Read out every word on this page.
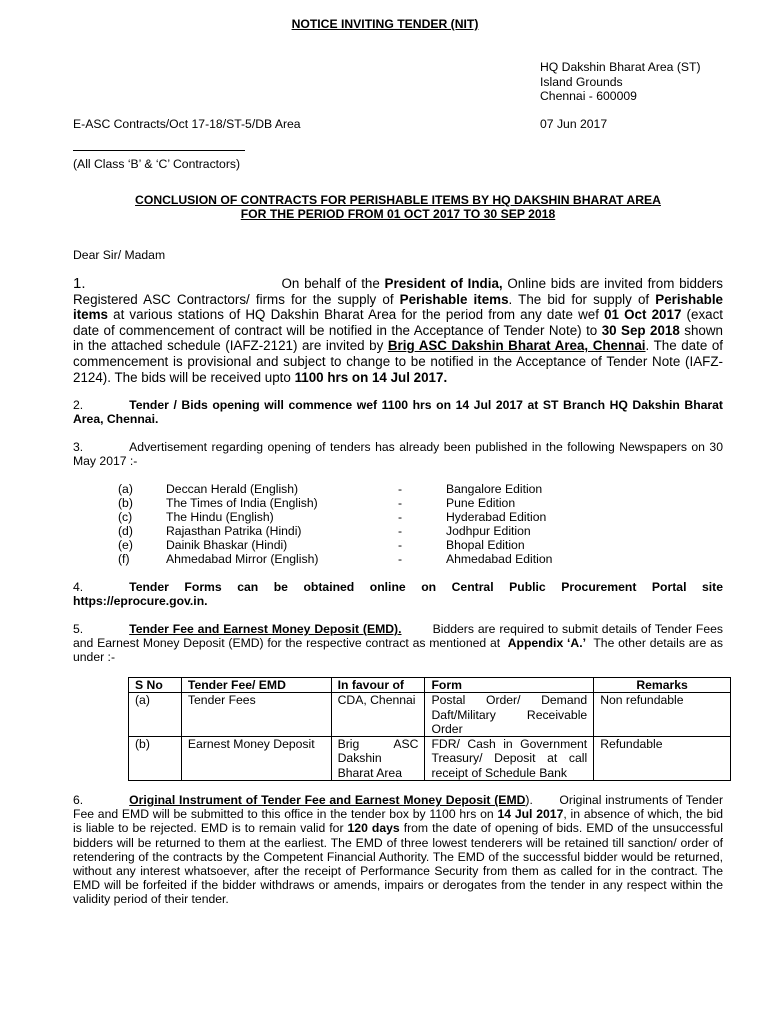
NOTICE INVITING TENDER (NIT)
HQ Dakshin Bharat Area (ST)
Island Grounds
Chennai - 600009
E-ASC Contracts/Oct 17-18/ST-5/DB Area	07 Jun 2017
(All Class ‘B’ & ‘C’ Contractors)
CONCLUSION OF CONTRACTS FOR PERISHABLE ITEMS BY HQ DAKSHIN BHARAT AREA
FOR THE PERIOD FROM 01 OCT 2017 TO 30 SEP 2018
Dear Sir/ Madam
1.	On behalf of the President of India, Online bids are invited from bidders Registered ASC Contractors/ firms for the supply of Perishable items. The bid for supply of Perishable items at various stations of HQ Dakshin Bharat Area for the period from any date wef 01 Oct 2017 (exact date of commencement of contract will be notified in the Acceptance of Tender Note) to 30 Sep 2018 shown in the attached schedule (IAFZ-2121) are invited by Brig ASC Dakshin Bharat Area, Chennai. The date of commencement is provisional and subject to change to be notified in the Acceptance of Tender Note (IAFZ-2124). The bids will be received upto 1100 hrs on 14 Jul 2017.
2.	Tender / Bids opening will commence wef 1100 hrs on 14 Jul 2017 at ST Branch HQ Dakshin Bharat Area, Chennai.
3.	Advertisement regarding opening of tenders has already been published in the following Newspapers on 30 May 2017 :-
(a)	Deccan Herald (English)	-	Bangalore Edition
(b)	The Times of India (English)	-	Pune Edition
(c)	The Hindu (English)	-	Hyderabad Edition
(d)	Rajasthan Patrika (Hindi)	-	Jodhpur Edition
(e)	Dainik Bhaskar (Hindi)	-	Bhopal Edition
(f)	Ahmedabad Mirror (English)	-	Ahmedabad Edition
4.	Tender Forms can be obtained online on Central Public Procurement Portal site
https://eprocure.gov.in.
5.	Tender Fee and Earnest Money Deposit (EMD).        Bidders are required to submit details of Tender Fees and Earnest Money Deposit (EMD) for the respective contract as mentioned at  Appendix ‘A.’  The other details are as under :-
S No	Tender Fee/ EMD	In favour of	Form	Remarks
(a)	Tender Fees	CDA, Chennai	Postal Order/ Demand Daft/Military Receivable Order	Non refundable
(b)	Earnest Money Deposit	Brig ASC Dakshin Bharat Area	FDR/ Cash in Government Treasury/ Deposit at call receipt of Schedule Bank	Refundable
6.	Original Instrument of Tender Fee and Earnest Money Deposit (EMD).       Original instruments of Tender Fee and EMD will be submitted to this office in the tender box by 1100 hrs on 14 Jul 2017, in absence of which, the bid is liable to be rejected. EMD is to remain valid for 120 days from the date of opening of bids. EMD of the unsuccessful bidders will be returned to them at the earliest. The EMD of three lowest tenderers will be retained till sanction/ order of retendering of the contracts by the Competent Financial Authority. The EMD of the successful bidder would be returned, without any interest whatsoever, after the receipt of Performance Security from them as called for in the contract. The EMD will be forfeited if the bidder withdraws or amends, impairs or derogates from the tender in any respect within the validity period of their tender.
